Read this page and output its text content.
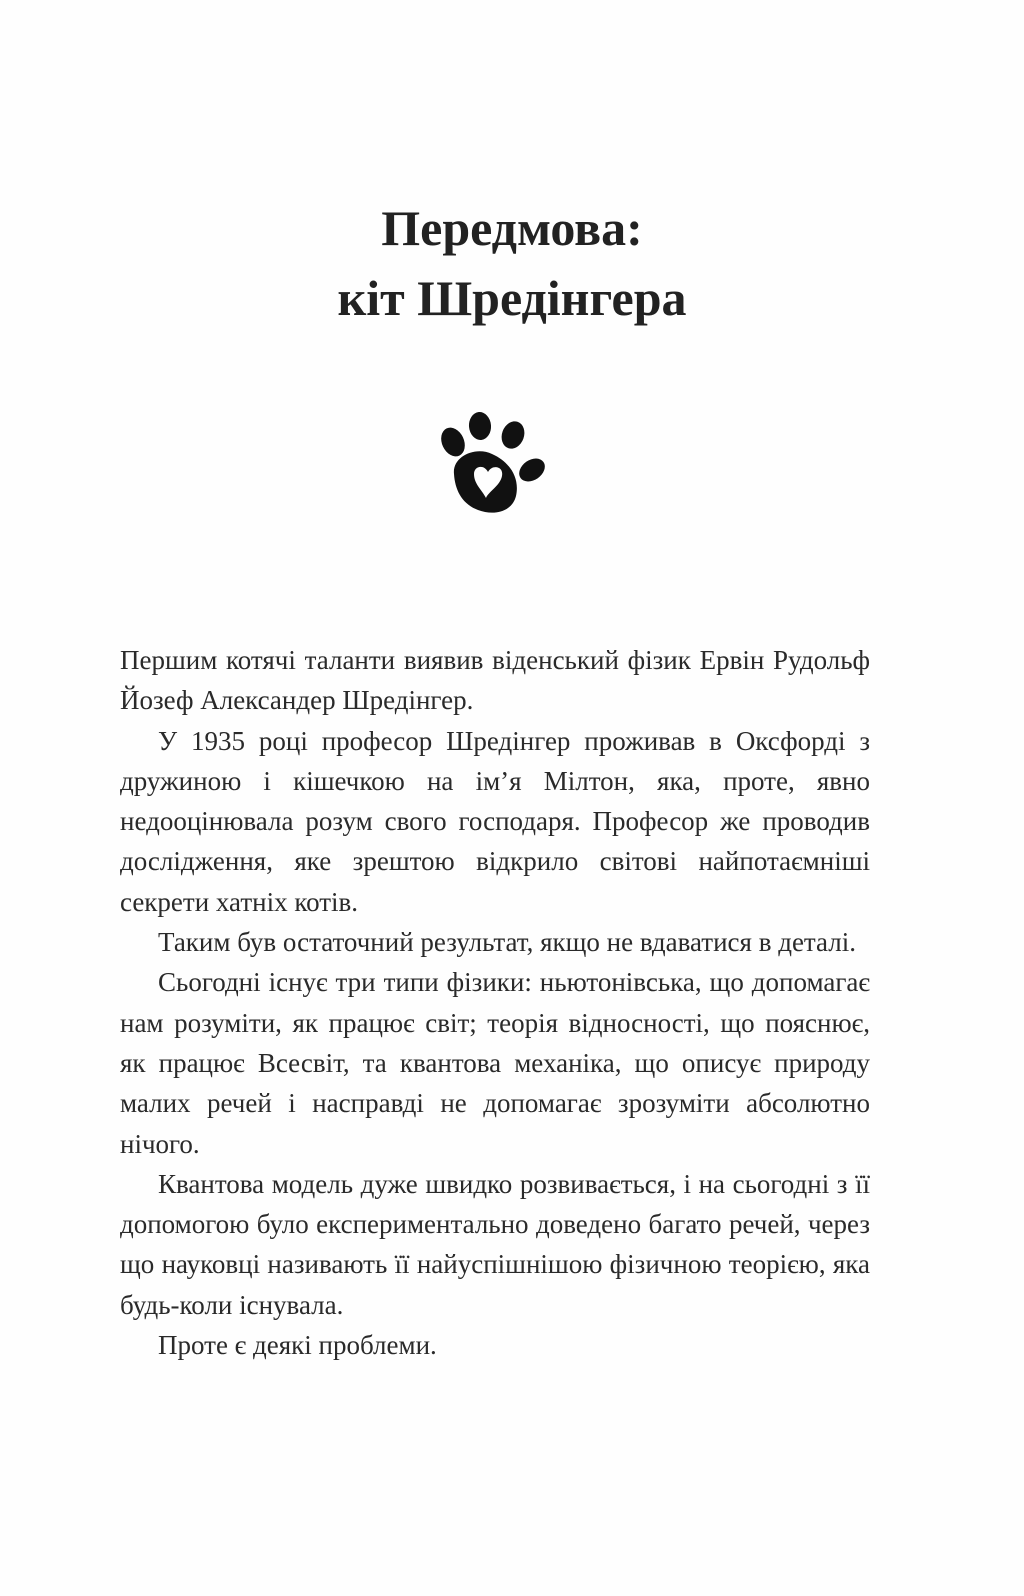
Передмова:
кіт Шредінгера

Першим котячі таланти виявив віденський фізик Ервін Рудольф Йозеф Александер Шредінгер.

У 1935 році професор Шредінгер проживав в Оксфорді з дружиною і кішечкою на ім’я Мілтон, яка, проте, явно недооцінювала розум свого господаря. Професор же проводив дослідження, яке зрештою відкрило світові найпотаємніші секрети хатніх котів.

Таким був остаточний результат, якщо не вдаватися в деталі.

Сьогодні існує три типи фізики: ньютонівська, що допомагає нам розуміти, як працює світ; теорія відносності, що пояснює, як працює Всесвіт, та квантова механіка, що описує природу малих речей і насправді не допомагає зрозуміти абсолютно нічого.

Квантова модель дуже швидко розвивається, і на сьогодні з її допомогою було експериментально доведено багато речей, через що науковці називають її найуспішнішою фізичною теорією, яка будь-коли існувала.

Проте є деякі проблеми.
